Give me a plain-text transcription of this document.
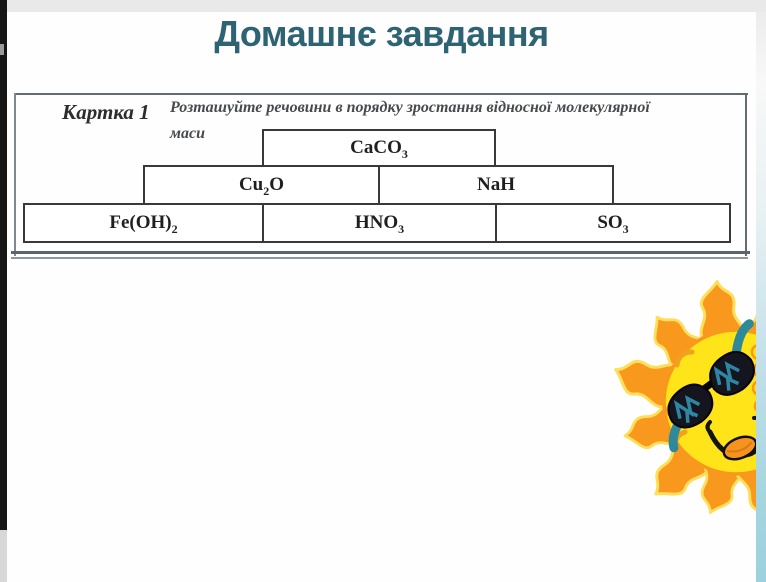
Домашнє завдання
Картка 1 Розташуйте речовини в порядку зростання відносної молекулярної
маси
CaCO$_3$
$Cu_2O$	NaH
$Fe(OH)_2$	$HNO_3$	$SO_3$
